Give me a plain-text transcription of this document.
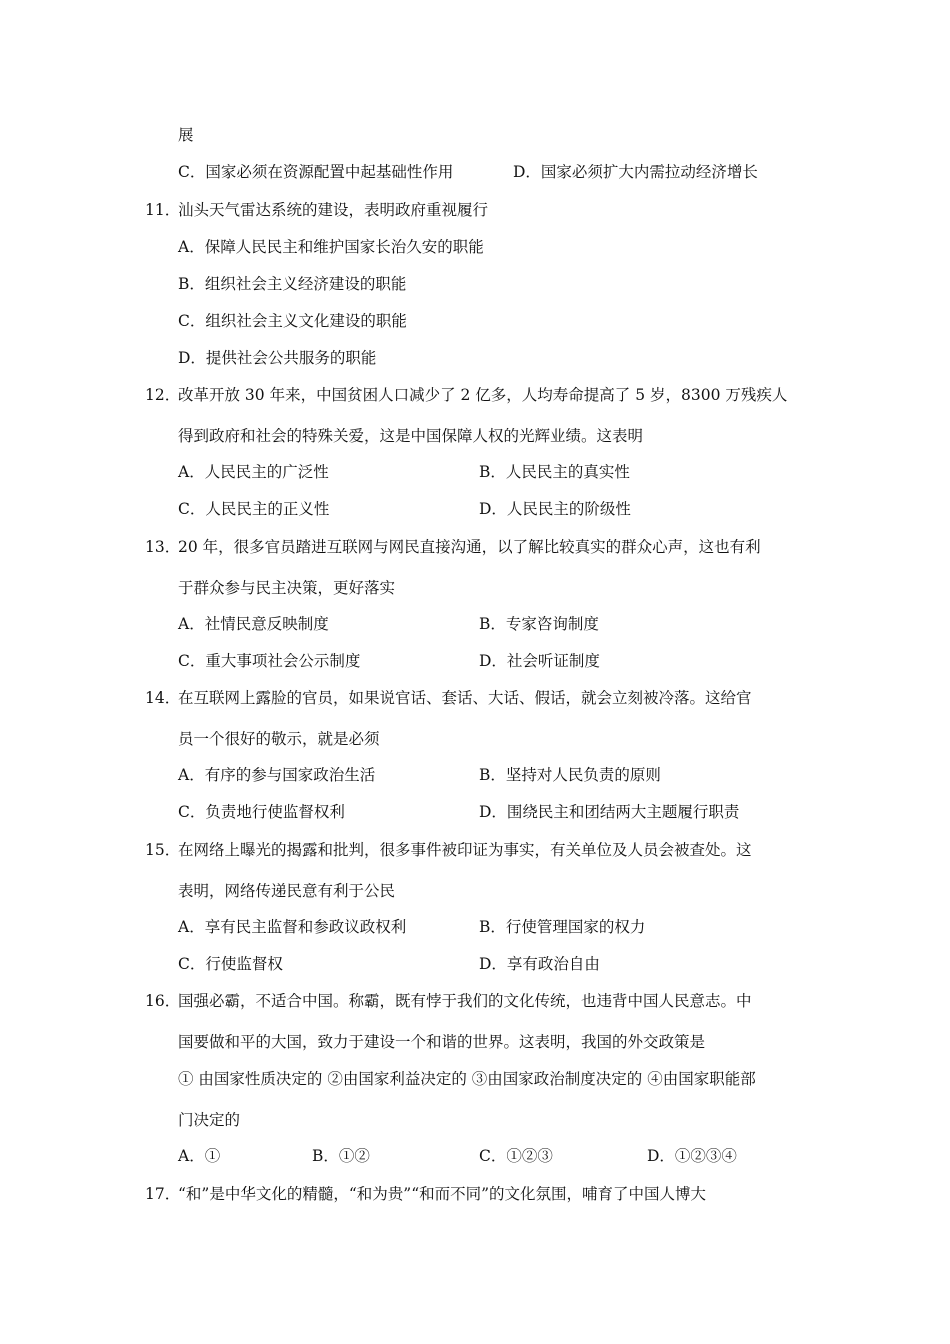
展
C．国家必须在资源配置中起基础性作用	D．国家必须扩大内需拉动经济增长
11．
汕头天气雷达系统的建设，表明政府重视履行
A．保障人民民主和维护国家长治久安的职能
B．组织社会主义经济建设的职能
C．组织社会主义文化建设的职能
D．提供社会公共服务的职能
12．
改革开放 30 年来，中国贫困人口减少了 2 亿多，人均寿命提高了 5 岁，8300 万残疾人
得到政府和社会的特殊关爱，这是中国保障人权的光辉业绩。这表明
A．人民民主的广泛性	B．人民民主的真实性
C．人民民主的正义性	D．人民民主的阶级性
13．
20 年，很多官员踏进互联网与网民直接沟通，以了解比较真实的群众心声，这也有利
于群众参与民主决策，更好落实
A．社情民意反映制度	B．专家咨询制度
C．重大事项社会公示制度	D．社会听证制度
14．
在互联网上露脸的官员，如果说官话、套话、大话、假话，就会立刻被冷落。这给官
员一个很好的敬示，就是必须
A．有序的参与国家政治生活	B．坚持对人民负责的原则
C．负责地行使监督权利	D．围绕民主和团结两大主题履行职责
15．
在网络上曝光的揭露和批判，很多事件被印证为事实，有关单位及人员会被查处。这
表明，网络传递民意有利于公民
A．享有民主监督和参政议政权利	B．行使管理国家的权力
C．行使监督权	D．享有政治自由
16．
国强必霸，不适合中国。称霸，既有悖于我们的文化传统，也违背中国人民意志。中
国要做和平的大国，致力于建设一个和谐的世界。这表明，我国的外交政策是
① 由国家性质决定的 ②由国家利益决定的 ③由国家政治制度决定的 ④由国家职能部
门决定的
A．①	B．①②	C．①②③	D．①②③④
17．
“和”是中华文化的精髓，“和为贵”“和而不同”的文化氛围，哺育了中国人博大
